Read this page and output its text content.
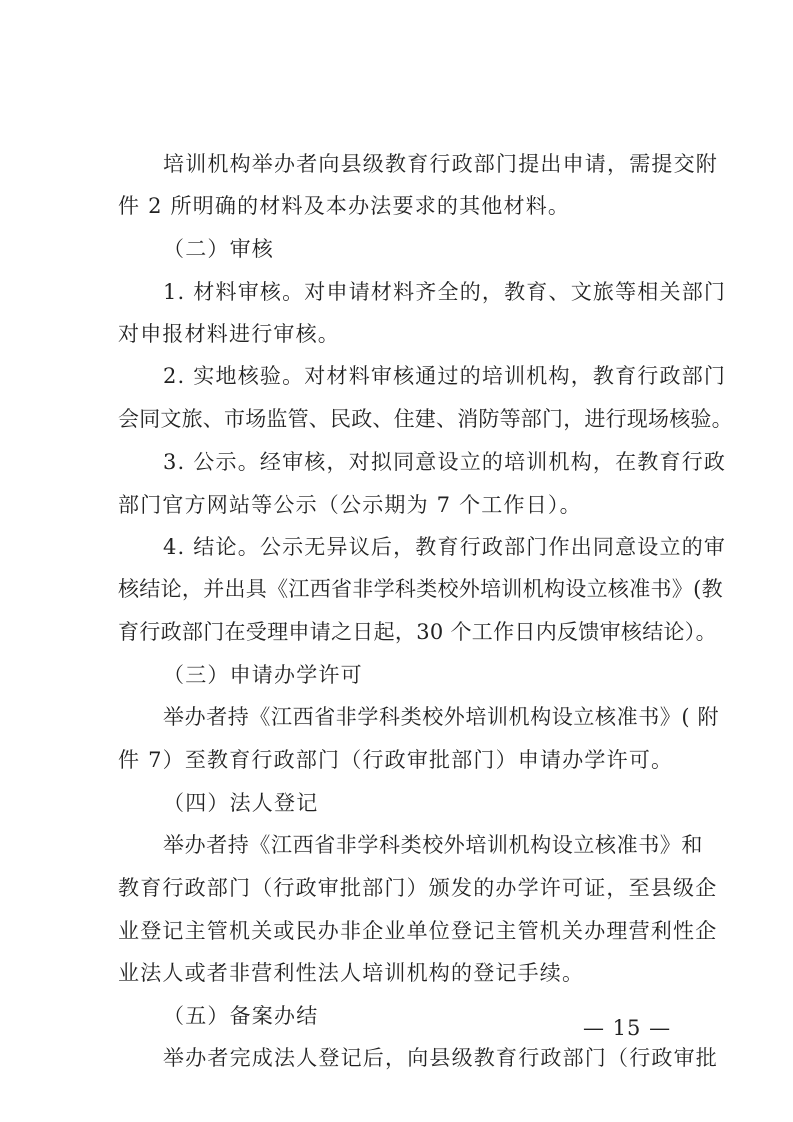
培训机构举办者向县级教育行政部门提出申请，需提交附
件 2 所明确的材料及本办法要求的其他材料。
（二）审核
1. 材料审核。对申请材料齐全的，教育、文旅等相关部门
对申报材料进行审核。
2. 实地核验。对材料审核通过的培训机构，教育行政部门
会同文旅、市场监管、民政、住建、消防等部门，进行现场核验。
3. 公示。经审核，对拟同意设立的培训机构，在教育行政
部门官方网站等公示（公示期为 7 个工作日）。
4. 结论。公示无异议后，教育行政部门作出同意设立的审
核结论，并出具《江西省非学科类校外培训机构设立核准书》(教
育行政部门在受理申请之日起，30 个工作日内反馈审核结论）。
（三）申请办学许可
举办者持《江西省非学科类校外培训机构设立核准书》( 附
件 7）至教育行政部门（行政审批部门）申请办学许可。
（四）法人登记
举办者持《江西省非学科类校外培训机构设立核准书》和
教育行政部门（行政审批部门）颁发的办学许可证，至县级企
业登记主管机关或民办非企业单位登记主管机关办理营利性企
业法人或者非营利性法人培训机构的登记手续。
（五）备案办结
举办者完成法人登记后，向县级教育行政部门（行政审批
— 15 —
